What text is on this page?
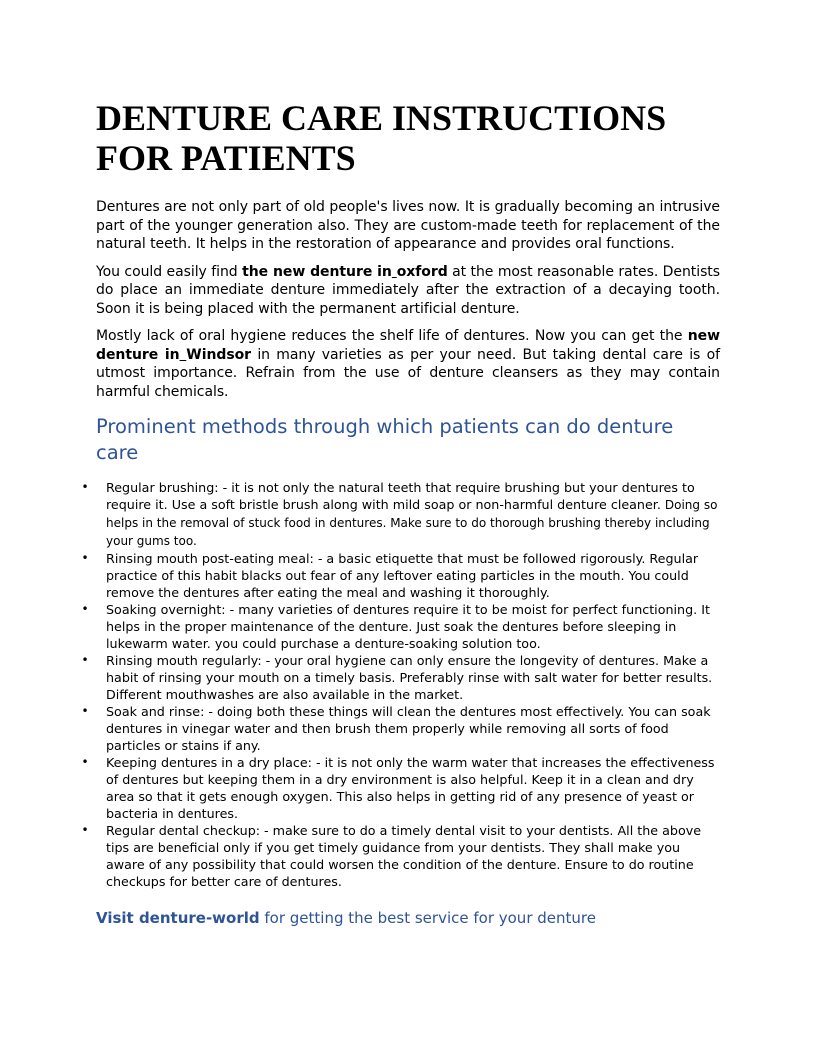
DENTURE CARE INSTRUCTIONS FOR PATIENTS

Dentures are not only part of old people's lives now. It is gradually becoming an intrusive part of the younger generation also. They are custom-made teeth for replacement of the natural teeth. It helps in the restoration of appearance and provides oral functions.

You could easily find the new denture in oxford at the most reasonable rates. Dentists do place an immediate denture immediately after the extraction of a decaying tooth. Soon it is being placed with the permanent artificial denture.

Mostly lack of oral hygiene reduces the shelf life of dentures. Now you can get the new denture in Windsor in many varieties as per your need. But taking dental care is of utmost importance. Refrain from the use of denture cleansers as they may contain harmful chemicals.

Prominent methods through which patients can do denture care
• Regular brushing: - it is not only the natural teeth that require brushing but your dentures to require it. Use a soft bristle brush along with mild soap or non-harmful denture cleaner. Doing so helps in the removal of stuck food in dentures. Make sure to do thorough brushing thereby including your gums too.
• Rinsing mouth post-eating meal: - a basic etiquette that must be followed rigorously. Regular practice of this habit blacks out fear of any leftover eating particles in the mouth. You could remove the dentures after eating the meal and washing it thoroughly.
• Soaking overnight: - many varieties of dentures require it to be moist for perfect functioning. It helps in the proper maintenance of the denture. Just soak the dentures before sleeping in lukewarm water. you could purchase a denture-soaking solution too.
• Rinsing mouth regularly: - your oral hygiene can only ensure the longevity of dentures. Make a habit of rinsing your mouth on a timely basis. Preferably rinse with salt water for better results. Different mouthwashes are also available in the market.
• Soak and rinse: - doing both these things will clean the dentures most effectively. You can soak dentures in vinegar water and then brush them properly while removing all sorts of food particles or stains if any.
• Keeping dentures in a dry place: - it is not only the warm water that increases the effectiveness of dentures but keeping them in a dry environment is also helpful. Keep it in a clean and dry area so that it gets enough oxygen. This also helps in getting rid of any presence of yeast or bacteria in dentures.
• Regular dental checkup: - make sure to do a timely dental visit to your dentists. All the above tips are beneficial only if you get timely guidance from your dentists. They shall make you aware of any possibility that could worsen the condition of the denture. Ensure to do routine checkups for better care of dentures.
Visit denture-world for getting the best service for your denture
